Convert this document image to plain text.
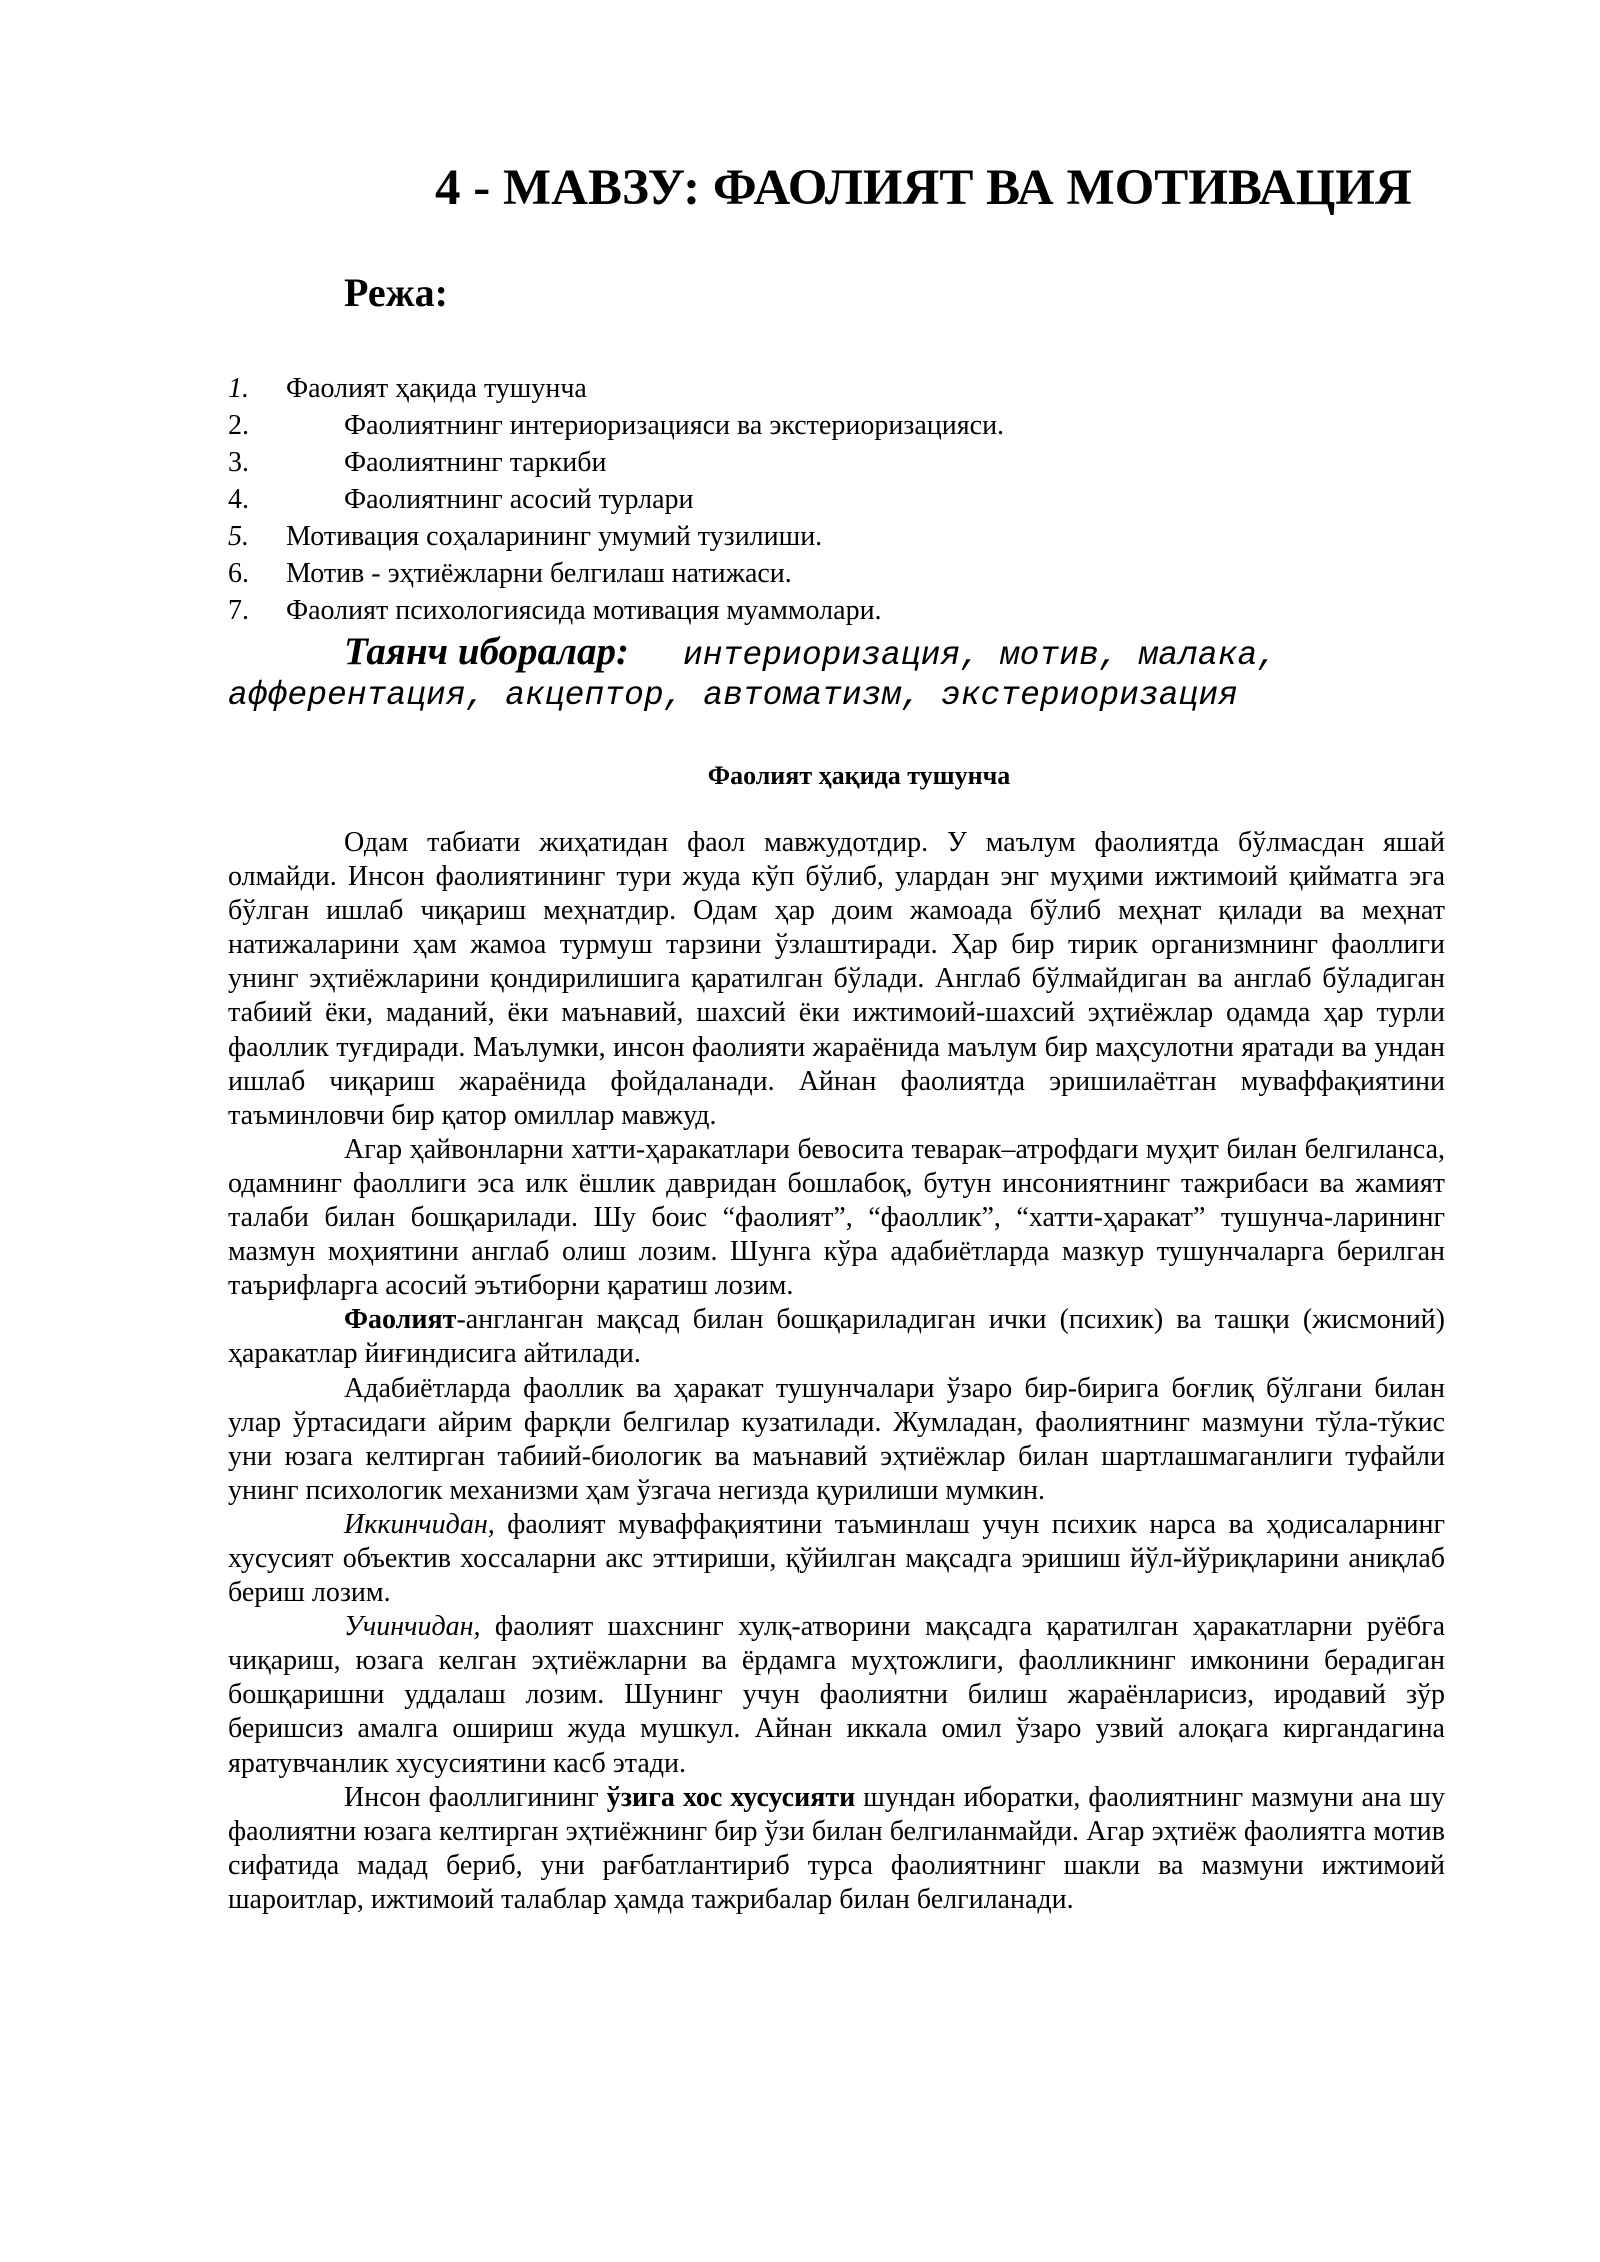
4 - МАВЗУ: ФАОЛИЯТ ВА МОТИВАЦИЯ
Режа:
1. Фаолият ҳақида тушунча
2.	Фаолиятнинг интериоризацияси ва экстериоризацияси.
3.	Фаолиятнинг таркиби
4.	Фаолиятнинг асосий турлари
5. Мотивация соҳаларининг умумий тузилиши.
6. Мотив - эҳтиёжларни белгилаш натижаси.
7. Фаолият психологиясида мотивация муаммолари.
Таянч иборалар: интериоризация, мотив, малака,
афферентация, акцептор, автоматизм, экстериоризация
Фаолият ҳақида тушунча

Одам табиати жиҳатидан фаол мавжудотдир. У маълум фаолиятда бўлмасдан яшай олмайди. Инсон фаолиятининг тури жуда кўп бўлиб, улардан энг муҳими ижтимоий қийматга эга бўлган ишлаб чиқариш меҳнатдир. Одам ҳар доим жамоада бўлиб меҳнат қилади ва меҳнат натижаларини ҳам жамоа турмуш тарзини ўзлаштиради. Ҳар бир тирик организмнинг фаоллиги унинг эҳтиёжларини қондирилишига қаратилган бўлади. Англаб бўлмайдиган ва англаб бўладиган табиий ёки, маданий, ёки маънавий, шахсий ёки ижтимоий-шахсий эҳтиёжлар одамда ҳар турли фаоллик туғдиради. Маълумки, инсон фаолияти жараёнида маълум бир маҳсулотни яратади ва ундан ишлаб чиқариш жараёнида фойдаланади. Айнан фаолиятда эришилаётган муваффақиятини таъминловчи бир қатор омиллар мавжуд.

Агар ҳайвонларни хатти-ҳаракатлари бевосита теварак–атрофдаги муҳит билан белгиланса, одамнинг фаоллиги эса илк ёшлик давридан бошлабоқ, бутун инсониятнинг тажрибаси ва жамият талаби билан бошқарилади. Шу боис “фаолият”, “фаоллик”, “хатти-ҳаракат” тушунча-ларининг мазмун моҳиятини англаб олиш лозим. Шунга кўра адабиётларда мазкур тушунчаларга берилган таърифларга асосий эътиборни қаратиш лозим.

Фаолият-англанган мақсад билан бошқариладиган ички (психик) ва ташқи (жисмоний) ҳаракатлар йиғиндисига айтилади.

Адабиётларда фаоллик ва ҳаракат тушунчалари ўзаро бир-бирига боғлиқ бўлгани билан улар ўртасидаги айрим фарқли белгилар кузатилади. Жумладан, фаолиятнинг мазмуни тўла-тўкис уни юзага келтирган табиий-биологик ва маънавий эҳтиёжлар билан шартлашмаганлиги туфайли унинг психологик механизми ҳам ўзгача негизда қурилиши мумкин.

Иккинчидан, фаолият муваффақиятини таъминлаш учун психик нарса ва ҳодисаларнинг хусусият объектив хоссаларни акс эттириши, қўйилган мақсадга эришиш йўл-йўриқларини аниқлаб бериш лозим.

Учинчидан, фаолият шахснинг хулқ-атворини мақсадга қаратилган ҳаракатларни руёбга чиқариш, юзага келган эҳтиёжларни ва ёрдамга муҳтожлиги, фаолликнинг имконини берадиган бошқаришни уддалаш лозим. Шунинг учун фаолиятни билиш жараёнларисиз, иродавий зўр беришсиз амалга ошириш жуда мушкул. Айнан иккала омил ўзаро узвий алоқага киргандагина яратувчанлик хусусиятини касб этади.

Инсон фаоллигининг ўзига хос хусусияти шундан иборатки, фаолиятнинг мазмуни ана шу фаолиятни юзага келтирган эҳтиёжнинг бир ўзи билан белгиланмайди. Агар эҳтиёж фаолиятга мотив сифатида мадад бериб, уни рағбатлантириб турса фаолиятнинг шакли ва мазмуни ижтимоий шароитлар, ижтимоий талаблар ҳамда тажрибалар билан белгиланади.
